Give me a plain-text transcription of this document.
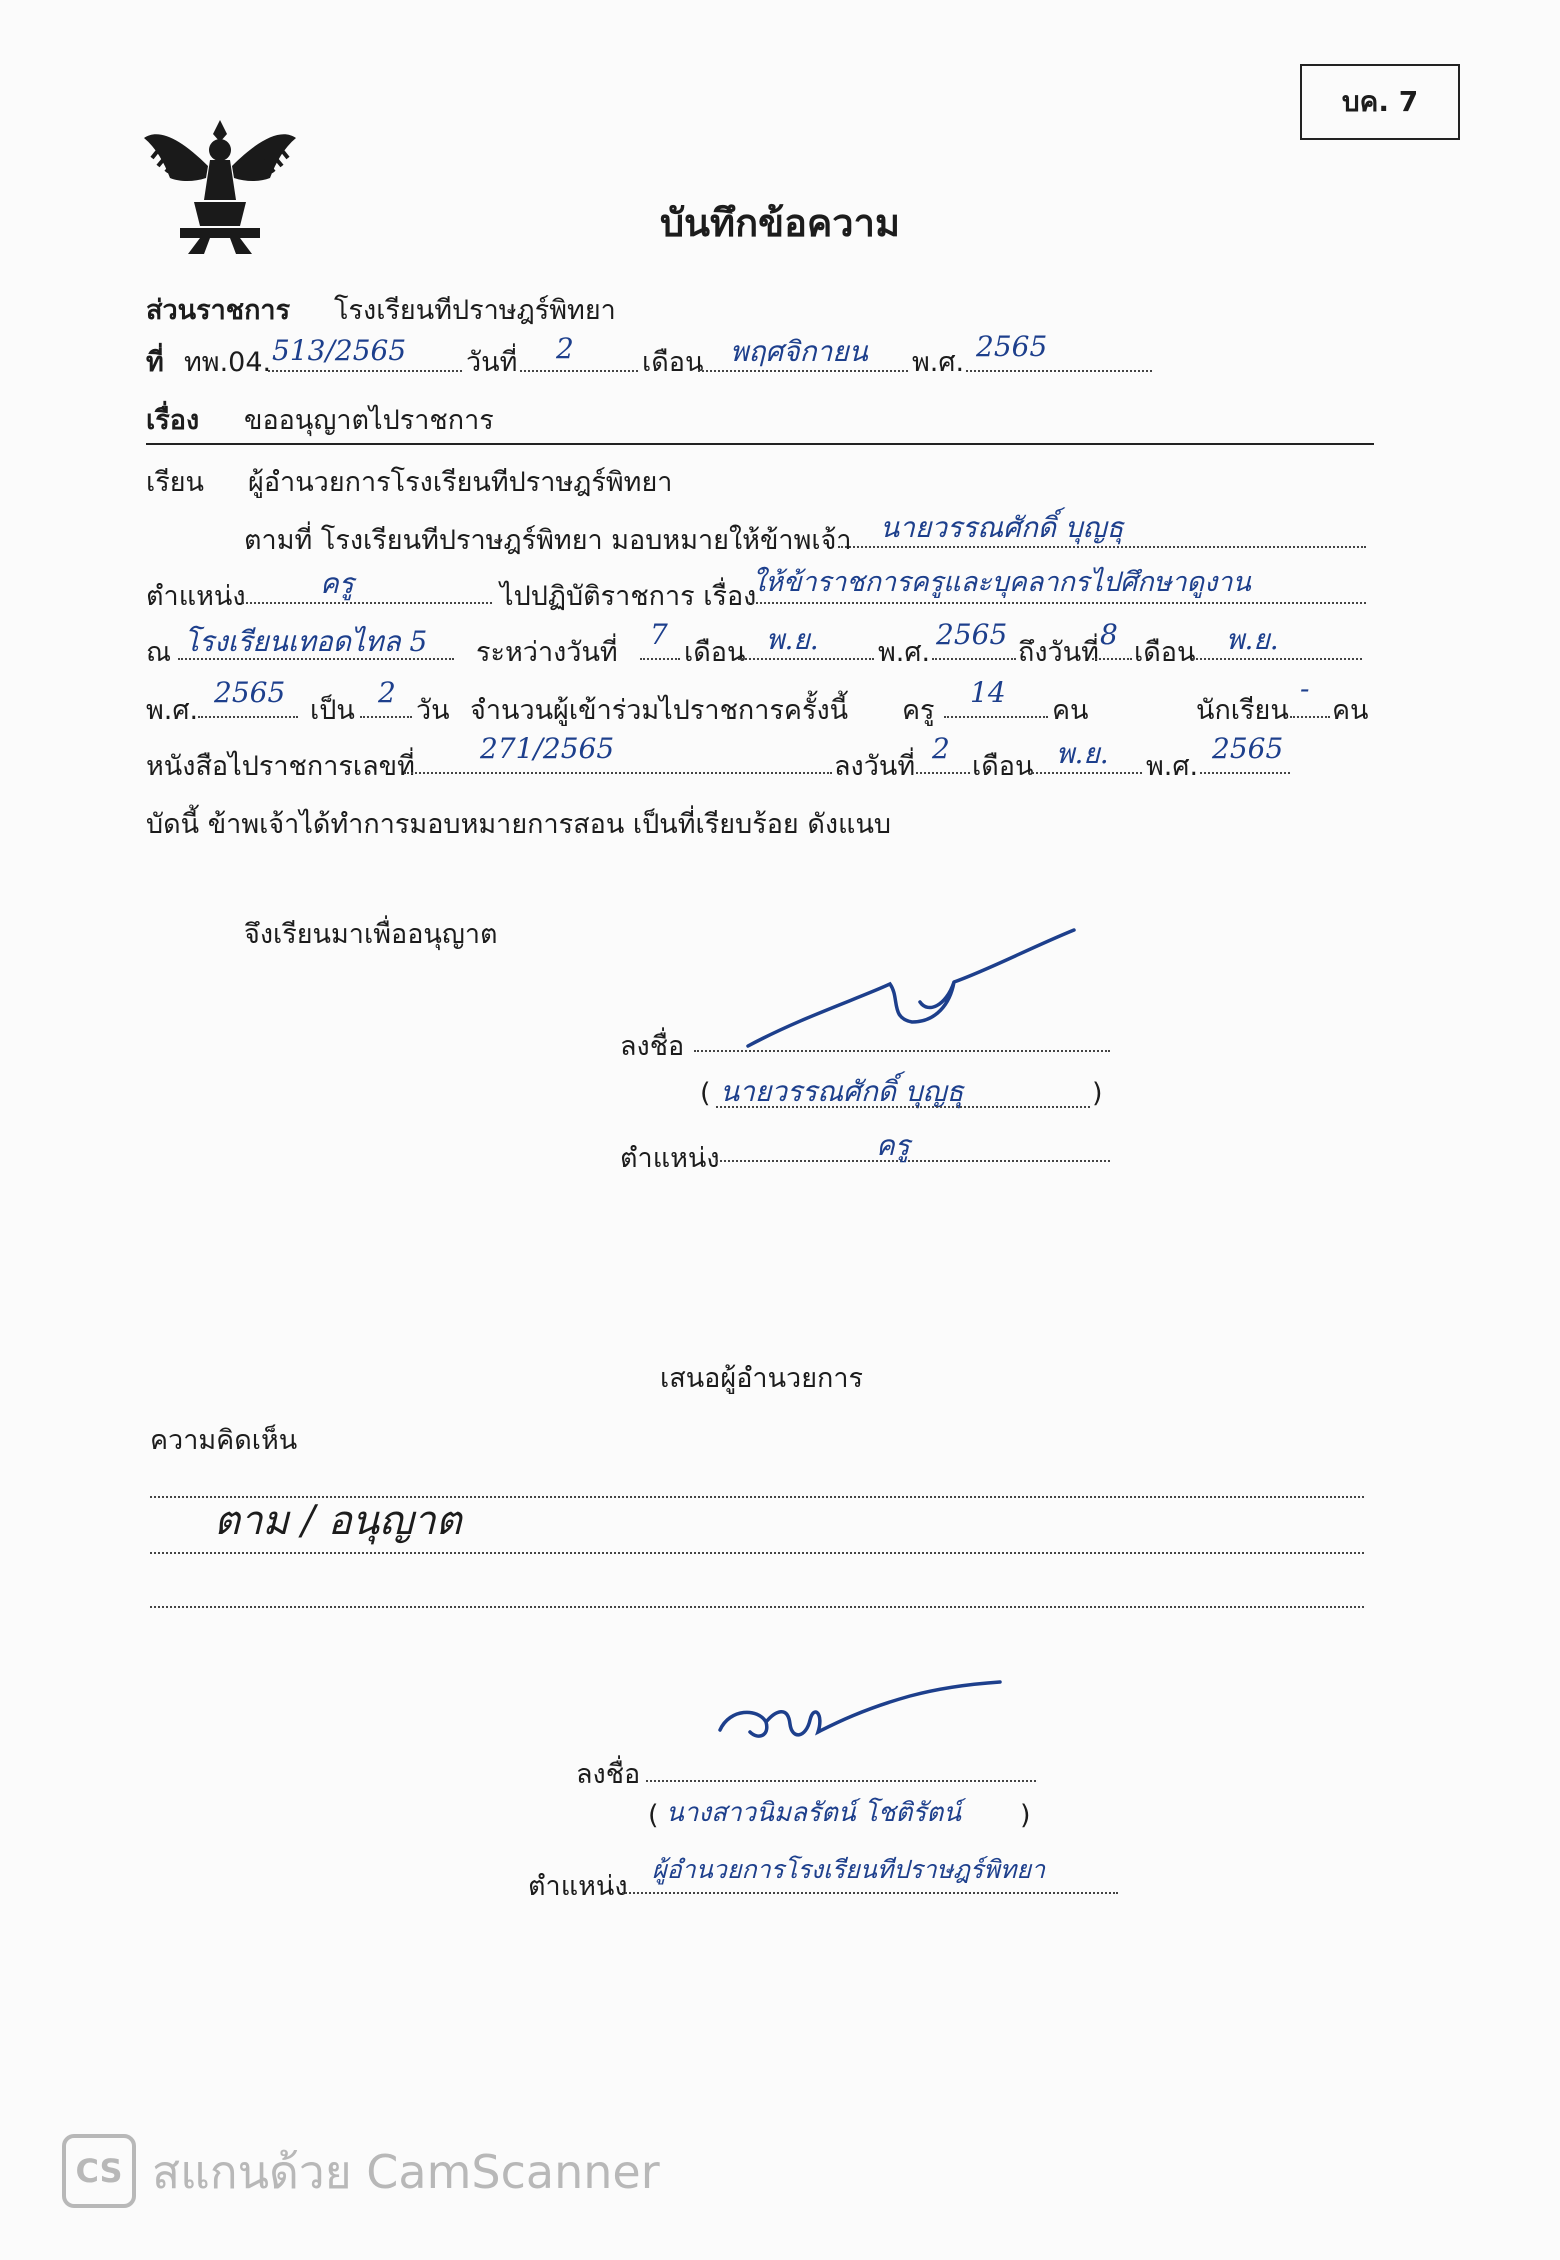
บค. 7
บันทึกข้อความ
ส่วนราชการ โรงเรียนทีปราษฎร์พิทยา
ที่ ทพ.04. 513/2565 วันที่ 2	เดือน พฤศจิกายน พ.ศ. 2565
เรื่อง ขออนุญาตไปราชการ
เรียน ผู้อำนวยการโรงเรียนทีปราษฎร์พิทยา
ตามที่ โรงเรียนทีปราษฎร์พิทยา มอบหมายให้ข้าพเจ้า นายวรรณศักดิ์ บุญธุ
ตำแหน่ง	ครู	ไปปฏิบัติราชการ เรื่อง
ให้ข้าราชการครูและบุคลากรไปศึกษาดูงาน
ณ โรงเรียนเทอดไทล 5 ระหว่างวันที่
7
เดือน พ.ย. พ.ศ.
2565
ถึงวันที่
8
เดือน พ.ย.
พ.ศ.
2565
เป็น
2
วัน จำนวนผู้เข้าร่วมไปราชการครั้งนี้ ครู
14
คน	นักเรียน
-
คน
หนังสือไปราชการเลขที่
271/2565
ลงวันที่
2
เดือน พ.ย. พ.ศ.
2565
บัดนี้ ข้าพเจ้าได้ทำการมอบหมายการสอน เป็นที่เรียบร้อย ดังแนบ
จึงเรียนมาเพื่ออนุญาต
ลงชื่อ
( นายวรรณศักดิ์ บุญธุ	)
ตำแหน่ง	ครู
เสนอผู้อำนวยการ
ความคิดเห็น
ตาม / อนุญาต
ลงชื่อ
( นางสาวนิมลรัตน์ โชติรัตน์ )
ตำแหน่ง
ผู้อำนวยการโรงเรียนทีปราษฎร์พิทยา
CS สแกนด้วย CamScanner
